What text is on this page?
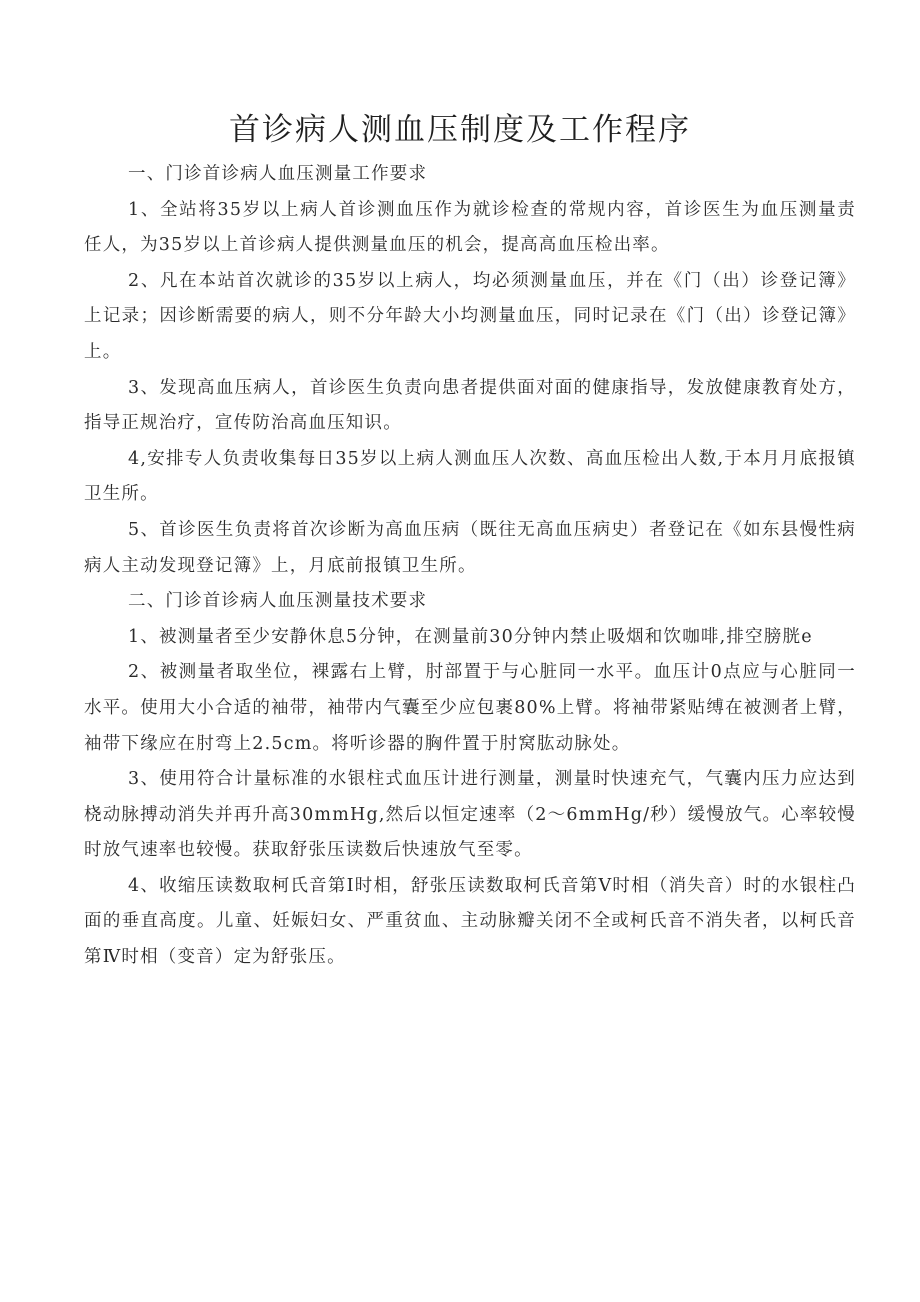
首诊病人测血压制度及工作程序

一、门诊首诊病人血压测量工作要求

1、全站将35岁以上病人首诊测血压作为就诊检查的常规内容，首诊医生为血压测量责任人，为35岁以上首诊病人提供测量血压的机会，提高高血压检出率。

2、凡在本站首次就诊的35岁以上病人，均必须测量血压，并在《门（出）诊登记簿》上记录；因诊断需要的病人，则不分年龄大小均测量血压，同时记录在《门（出）诊登记簿》上。

3、发现高血压病人，首诊医生负责向患者提供面对面的健康指导，发放健康教育处方，指导正规治疗，宣传防治高血压知识。

4,安排专人负责收集每日35岁以上病人测血压人次数、高血压检出人数,于本月月底报镇卫生所。

5、首诊医生负责将首次诊断为高血压病（既往无高血压病史）者登记在《如东县慢性病病人主动发现登记簿》上，月底前报镇卫生所。

二、门诊首诊病人血压测量技术要求

1、被测量者至少安静休息5分钟，在测量前30分钟内禁止吸烟和饮咖啡,排空膀胱e

2、被测量者取坐位，裸露右上臂，肘部置于与心脏同一水平。血压计0点应与心脏同一水平。使用大小合适的袖带，袖带内气囊至少应包裹80%上臂。将袖带紧贴缚在被测者上臂，袖带下缘应在肘弯上2.5cm。将听诊器的胸件置于肘窝肱动脉处。

3、使用符合计量标准的水银柱式血压计进行测量，测量时快速充气，气囊内压力应达到桡动脉搏动消失并再升高30mmHg,然后以恒定速率（2～6mmHg/秒）缓慢放气。心率较慢时放气速率也较慢。获取舒张压读数后快速放气至零。

4、收缩压读数取柯氏音第Ⅰ时相，舒张压读数取柯氏音第Ⅴ时相（消失音）时的水银柱凸面的垂直高度。儿童、妊娠妇女、严重贫血、主动脉瓣关闭不全或柯氏音不消失者，以柯氏音第Ⅳ时相（变音）定为舒张压。
